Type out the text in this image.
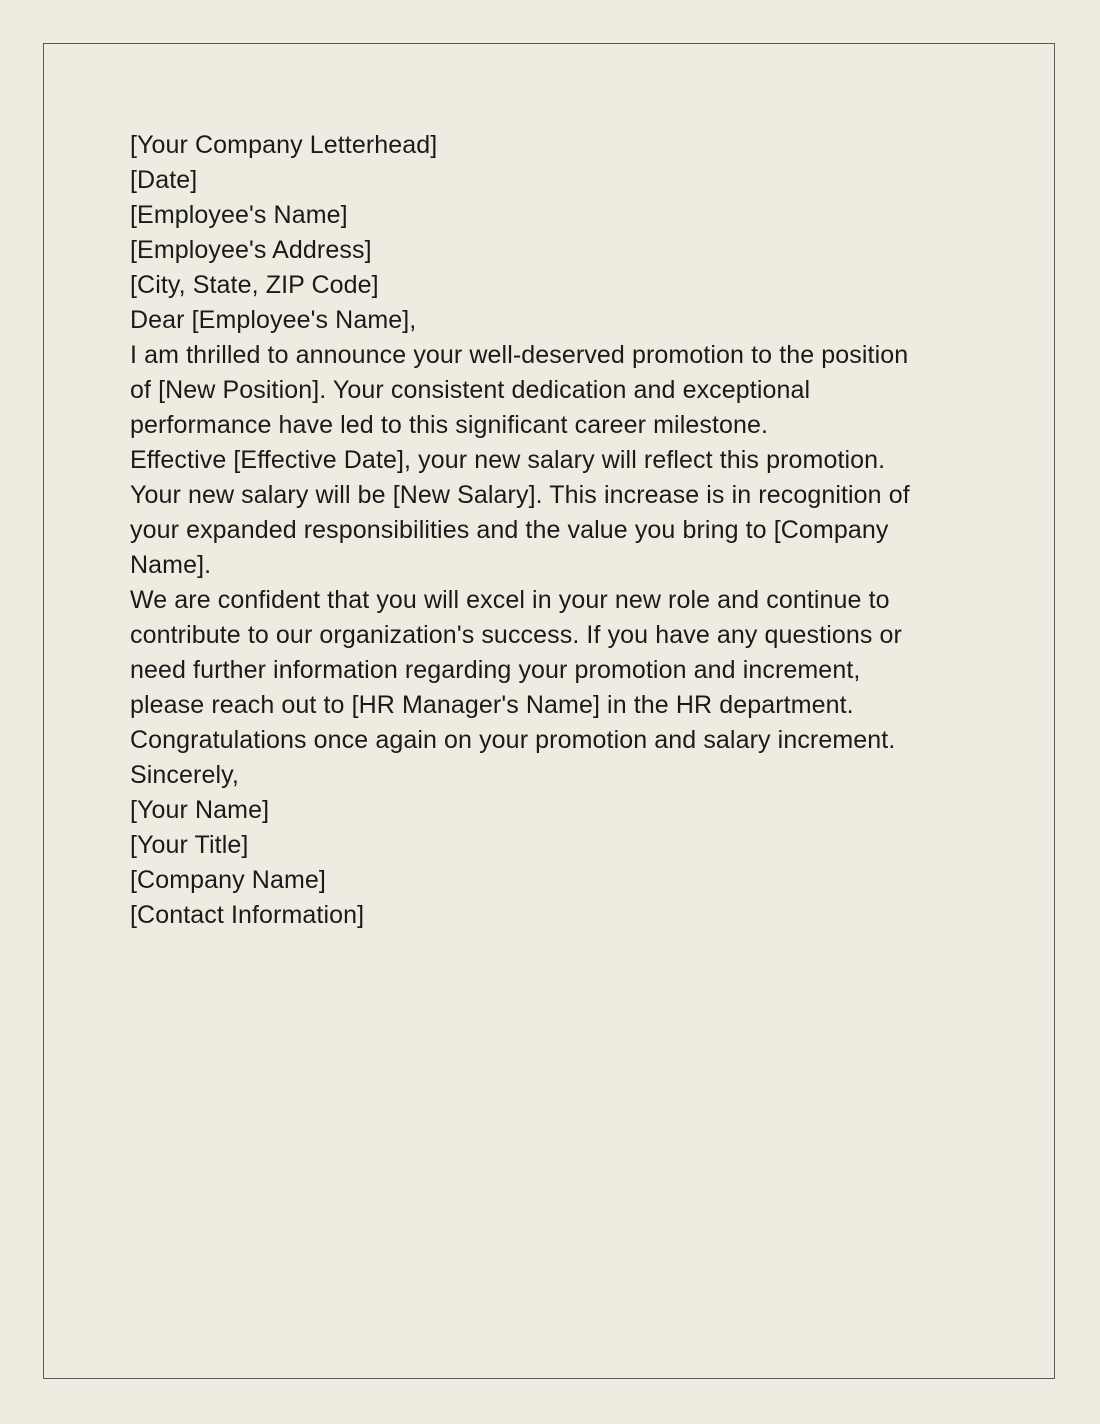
[Your Company Letterhead]

[Date]

[Employee's Name]
[Employee's Address]
[City, State, ZIP Code]

Dear [Employee's Name],

I am thrilled to announce your well-deserved promotion to the position
of [New Position]. Your consistent dedication and exceptional
performance have led to this significant career milestone.

Effective [Effective Date], your new salary will reflect this promotion.
Your new salary will be [New Salary]. This increase is in recognition of
your expanded responsibilities and the value you bring to [Company
Name].

We are confident that you will excel in your new role and continue to
contribute to our organization's success. If you have any questions or
need further information regarding your promotion and increment,
please reach out to [HR Manager's Name] in the HR department.

Congratulations once again on your promotion and salary increment.

Sincerely,

[Your Name]
[Your Title]
[Company Name]
[Contact Information]
